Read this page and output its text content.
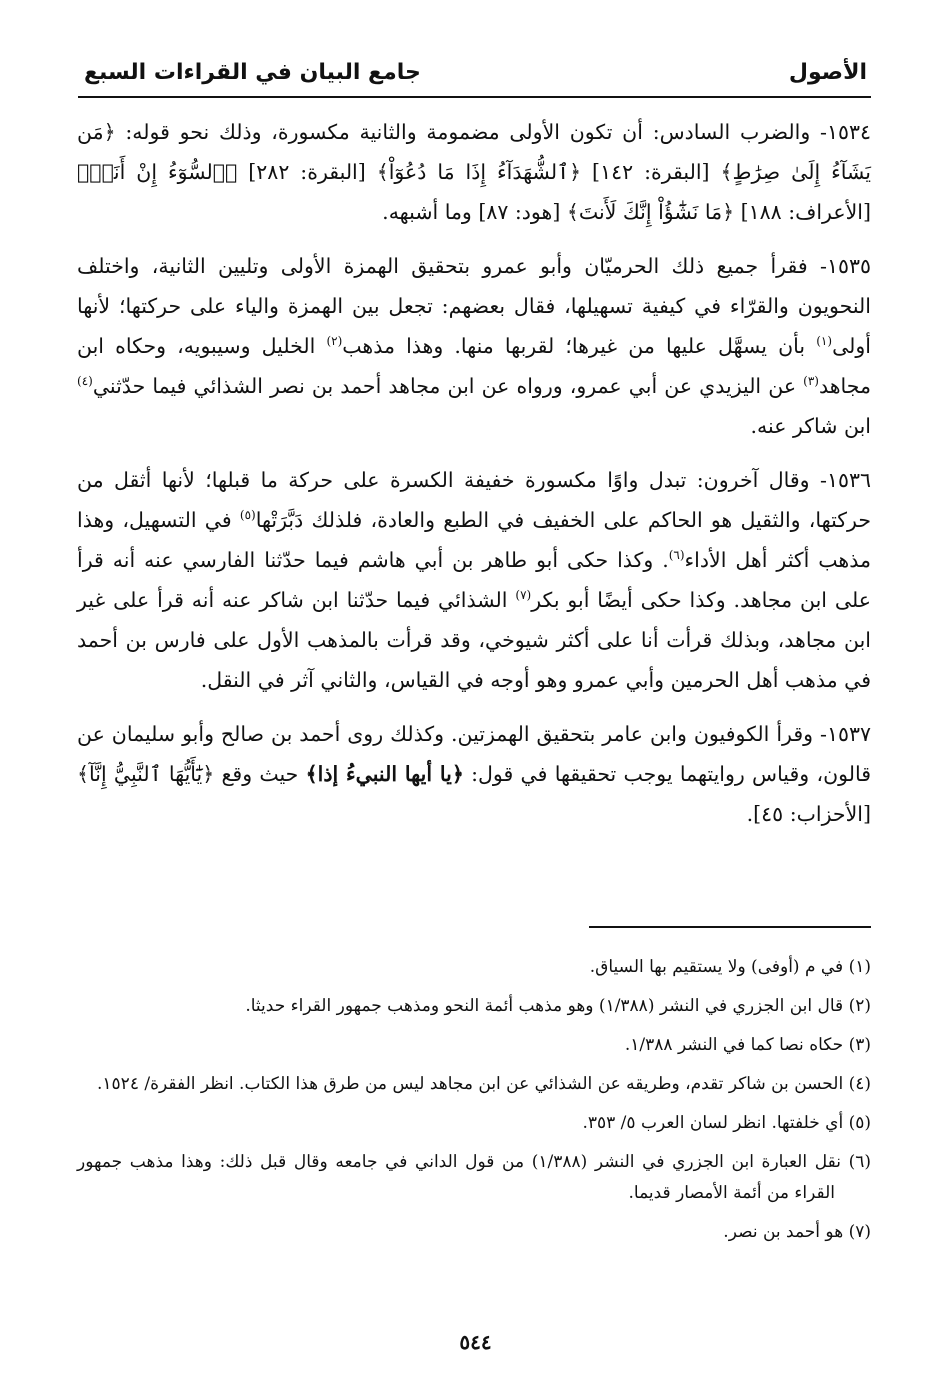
الأصول
جامع البيان في القراءات السبع

١٥٣٤- والضرب السادس: أن تكون الأولى مضمومة والثانية مكسورة، وذلك نحو قوله: ﴿مَن يَشَآءُ إِلَىٰ صِرَٰطٍ﴾ [البقرة: ١٤٢] ﴿ٱلشُّهَدَآءُ إِذَا مَا دُعُوٓاْ﴾ [البقرة: ٢٨٢] ﴿ٱلسُّوٓءُ إِنْ أَنَا۠﴾ [الأعراف: ١٨٨] ﴿مَا نَشَٰٓؤُاْ إِنَّكَ لَأَنتَ﴾ [هود: ٨٧] وما أشبهه.

١٥٣٥- فقرأ جميع ذلك الحرميّان وأبو عمرو بتحقيق الهمزة الأولى وتليين الثانية، واختلف النحويون والقرّاء في كيفية تسهيلها، فقال بعضهم: تجعل بين الهمزة والياء على حركتها؛ لأنها أولى$^{(١)}$ بأن يسهَّل عليها من غيرها؛ لقربها منها. وهذا مذهب$^{(٢)}$ الخليل وسيبويه، وحكاه ابن مجاهد$^{(٣)}$ عن اليزيدي عن أبي عمرو، ورواه عن ابن مجاهد أحمد بن نصر الشذائي فيما حدّثني$^{(٤)}$ ابن شاكر عنه.

١٥٣٦- وقال آخرون: تبدل واوًا مكسورة خفيفة الكسرة على حركة ما قبلها؛ لأنها أثقل من حركتها، والثقيل هو الحاكم على الخفيف في الطبع والعادة، فلذلك دَبَّرَتْها$^{(٥)}$ في التسهيل، وهذا مذهب أكثر أهل الأداء$^{(٦)}$. وكذا حكى أبو طاهر بن أبي هاشم فيما حدّثنا الفارسي عنه أنه قرأ على ابن مجاهد. وكذا حكى أيضًا أبو بكر$^{(٧)}$ الشذائي فيما حدّثنا ابن شاكر عنه أنه قرأ على غير ابن مجاهد، وبذلك قرأت أنا على أكثر شيوخي، وقد قرأت بالمذهب الأول على فارس بن أحمد في مذهب أهل الحرمين وأبي عمرو وهو أوجه في القياس، والثاني آثر في النقل.

١٥٣٧- وقرأ الكوفيون وابن عامر بتحقيق الهمزتين. وكذلك روى أحمد بن صالح وأبو سليمان عن قالون، وقياس روايتهما يوجب تحقيقها في قول: ﴿يا أيها النبيءُ إذا﴾ حيث وقع ﴿يَٰٓأَيُّهَا ٱلنَّبِيُّ إِنَّآ﴾ [الأحزاب: ٤٥].

(١) في م (أوفى) ولا يستقيم بها السياق.

(٢) قال ابن الجزري في النشر (١/٣٨٨) وهو مذهب أئمة النحو ومذهب جمهور القراء حديثا.

(٣) حكاه نصا كما في النشر ١/٣٨٨.

(٤) الحسن بن شاكر تقدم، وطريقه عن الشذائي عن ابن مجاهد ليس من طرق هذا الكتاب. انظر الفقرة/ ١٥٢٤.

(٥) أي خلفتها. انظر لسان العرب ٥/ ٣٥٣.

(٦) نقل العبارة ابن الجزري في النشر (١/٣٨٨) من قول الداني في جامعه وقال قبل ذلك: وهذا مذهب جمهور القراء من أئمة الأمصار قديما.

(٧) هو أحمد بن نصر.

٥٤٤
